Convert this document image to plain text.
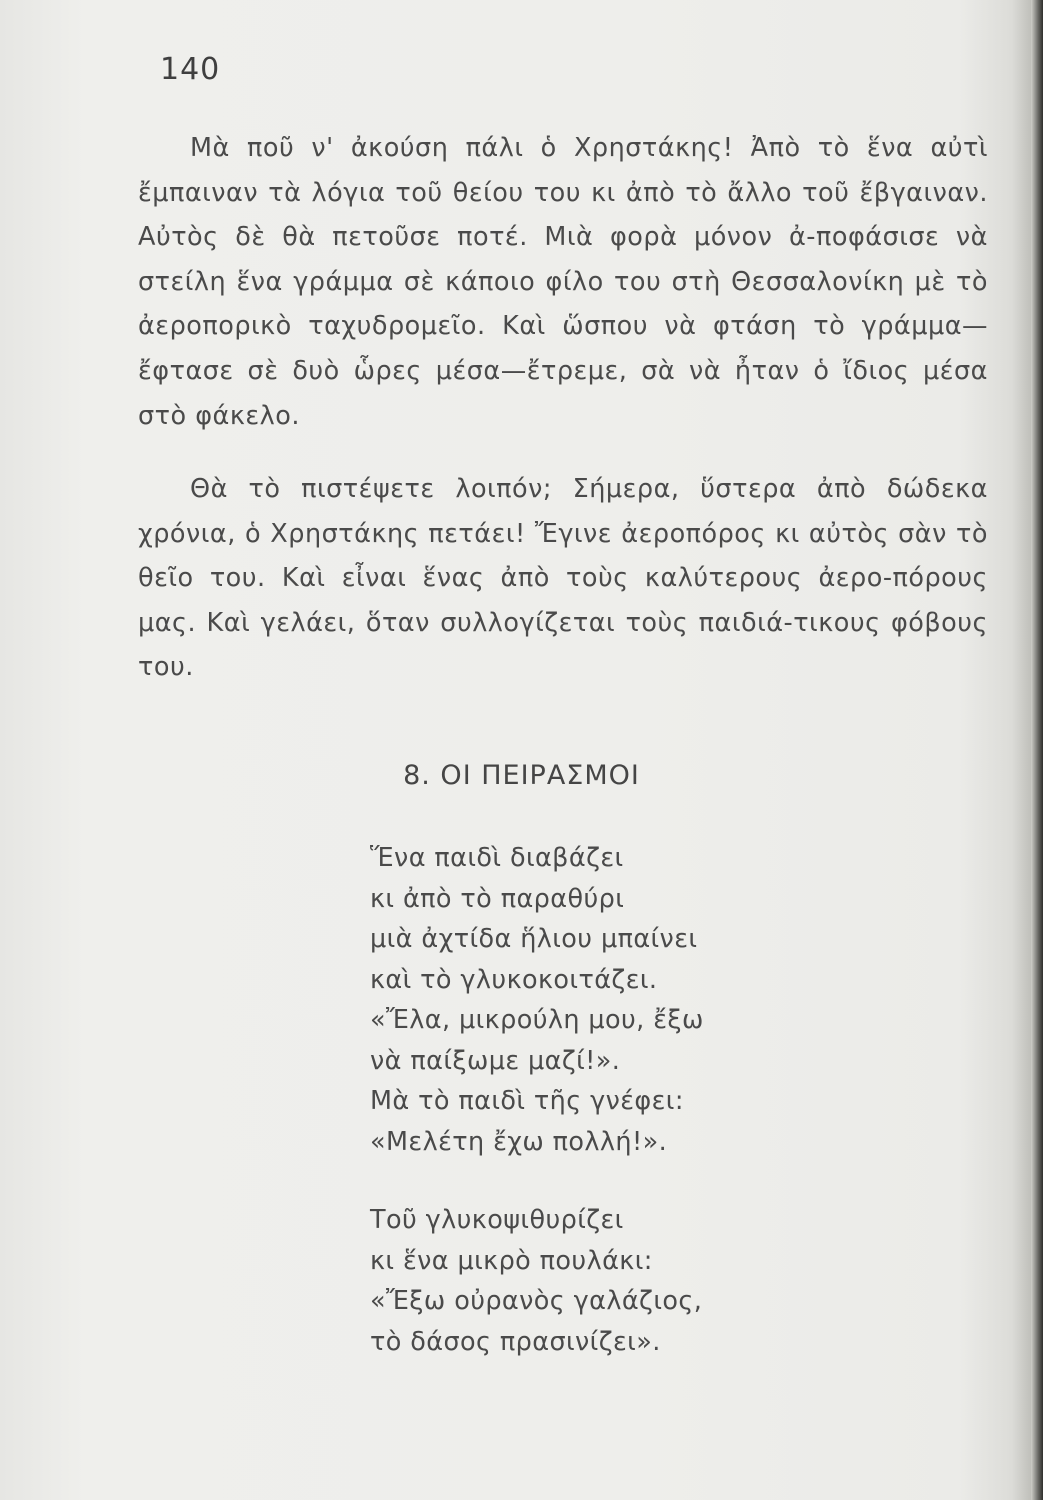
140

Μὰ ποῦ ν' ἀκούση πάλι ὁ Χρηστάκης! Ἀπὸ τὸ ἕνα αὐτὶ ἔμπαιναν τὰ λόγια τοῦ θείου του κι ἀπὸ τὸ ἄλλο τοῦ ἔβγαιναν. Αὐτὸς δὲ θὰ πετοῦσε ποτέ. Μιὰ φορὰ μόνον ἀ-ποφάσισε νὰ στείλη ἕνα γράμμα σὲ κάποιο φίλο του στὴ Θεσσαλονίκη μὲ τὸ ἀεροπορικὸ ταχυδρομεῖο. Καὶ ὥσπου νὰ φτάση τὸ γράμμα—ἔφτασε σὲ δυὸ ὧρες μέσα—ἔτρεμε, σὰ νὰ ἦταν ὁ ἴδιος μέσα στὸ φάκελο.

Θὰ τὸ πιστέψετε λοιπόν; Σήμερα, ὕστερα ἀπὸ δώδεκα χρόνια, ὁ Χρηστάκης πετάει! Ἔγινε ἀεροπόρος κι αὐτὸς σὰν τὸ θεῖο του. Καὶ εἶναι ἕνας ἀπὸ τοὺς καλύτερους ἀερο-πόρους μας. Καὶ γελάει, ὅταν συλλογίζεται τοὺς παιδιά-τικους φόβους του.

8. ΟΙ ΠΕΙΡΑΣΜΟΙ
Ἕνα παιδὶ διαβάζει
κι ἀπὸ τὸ παραθύρι
μιὰ ἀχτίδα ἥλιου μπαίνει
καὶ τὸ γλυκοκοιτάζει.
«Ἔλα, μικρούλη μου, ἔξω
νὰ παίξωμε μαζί!».
Μὰ τὸ παιδὶ τῆς γνέφει:
«Μελέτη ἔχω πολλή!».
Τοῦ γλυκοψιθυρίζει
κι ἕνα μικρὸ πουλάκι:
«Ἔξω οὐρανὸς γαλάζιος,
τὸ δάσος πρασινίζει».
